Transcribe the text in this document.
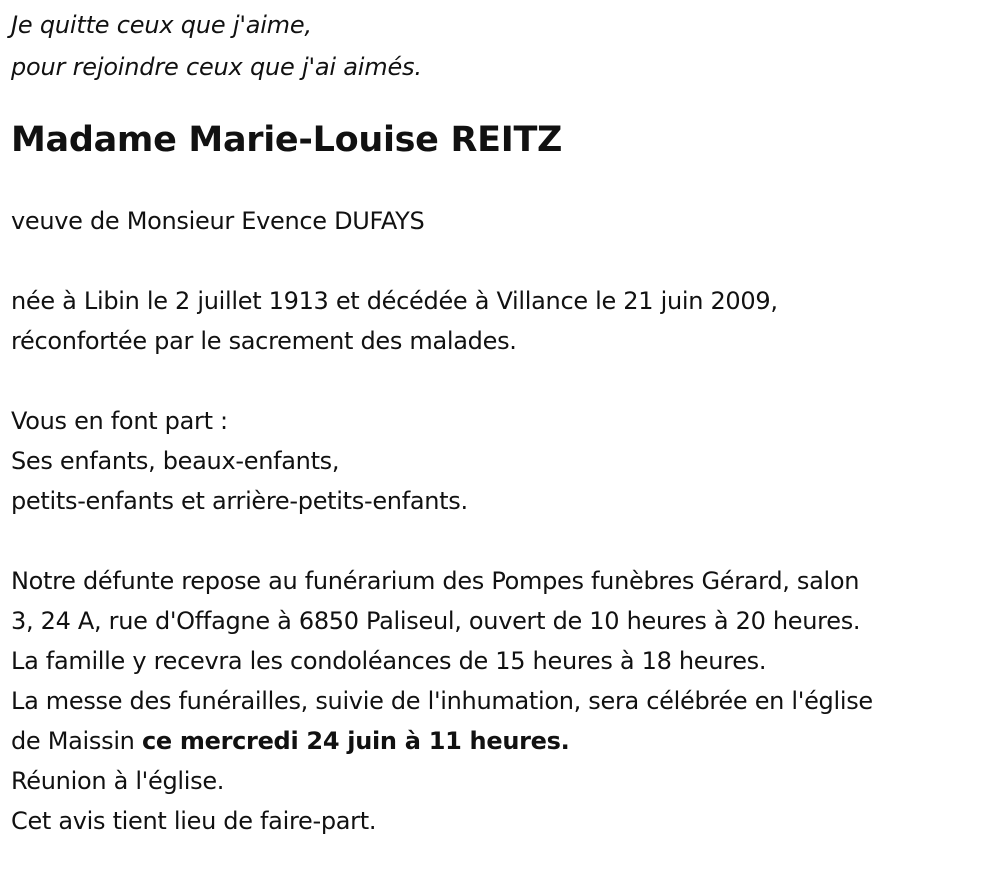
Je quitte ceux que j'aime,
pour rejoindre ceux que j'ai aimés.
Madame Marie-Louise REITZ
veuve de Monsieur Evence DUFAYS
née à Libin le 2 juillet 1913 et décédée à Villance le 21 juin 2009,
réconfortée par le sacrement des malades.
Vous en font part :
Ses enfants, beaux-enfants,
petits-enfants et arrière-petits-enfants.
Notre défunte repose au funérarium des Pompes funèbres Gérard, salon
3, 24 A, rue d'Offagne à 6850 Paliseul, ouvert de 10 heures à 20 heures.
La famille y recevra les condoléances de 15 heures à 18 heures.
La messe des funérailles, suivie de l'inhumation, sera célébrée en l'église
de Maissin ce mercredi 24 juin à 11 heures.
Réunion à l'église.
Cet avis tient lieu de faire-part.
